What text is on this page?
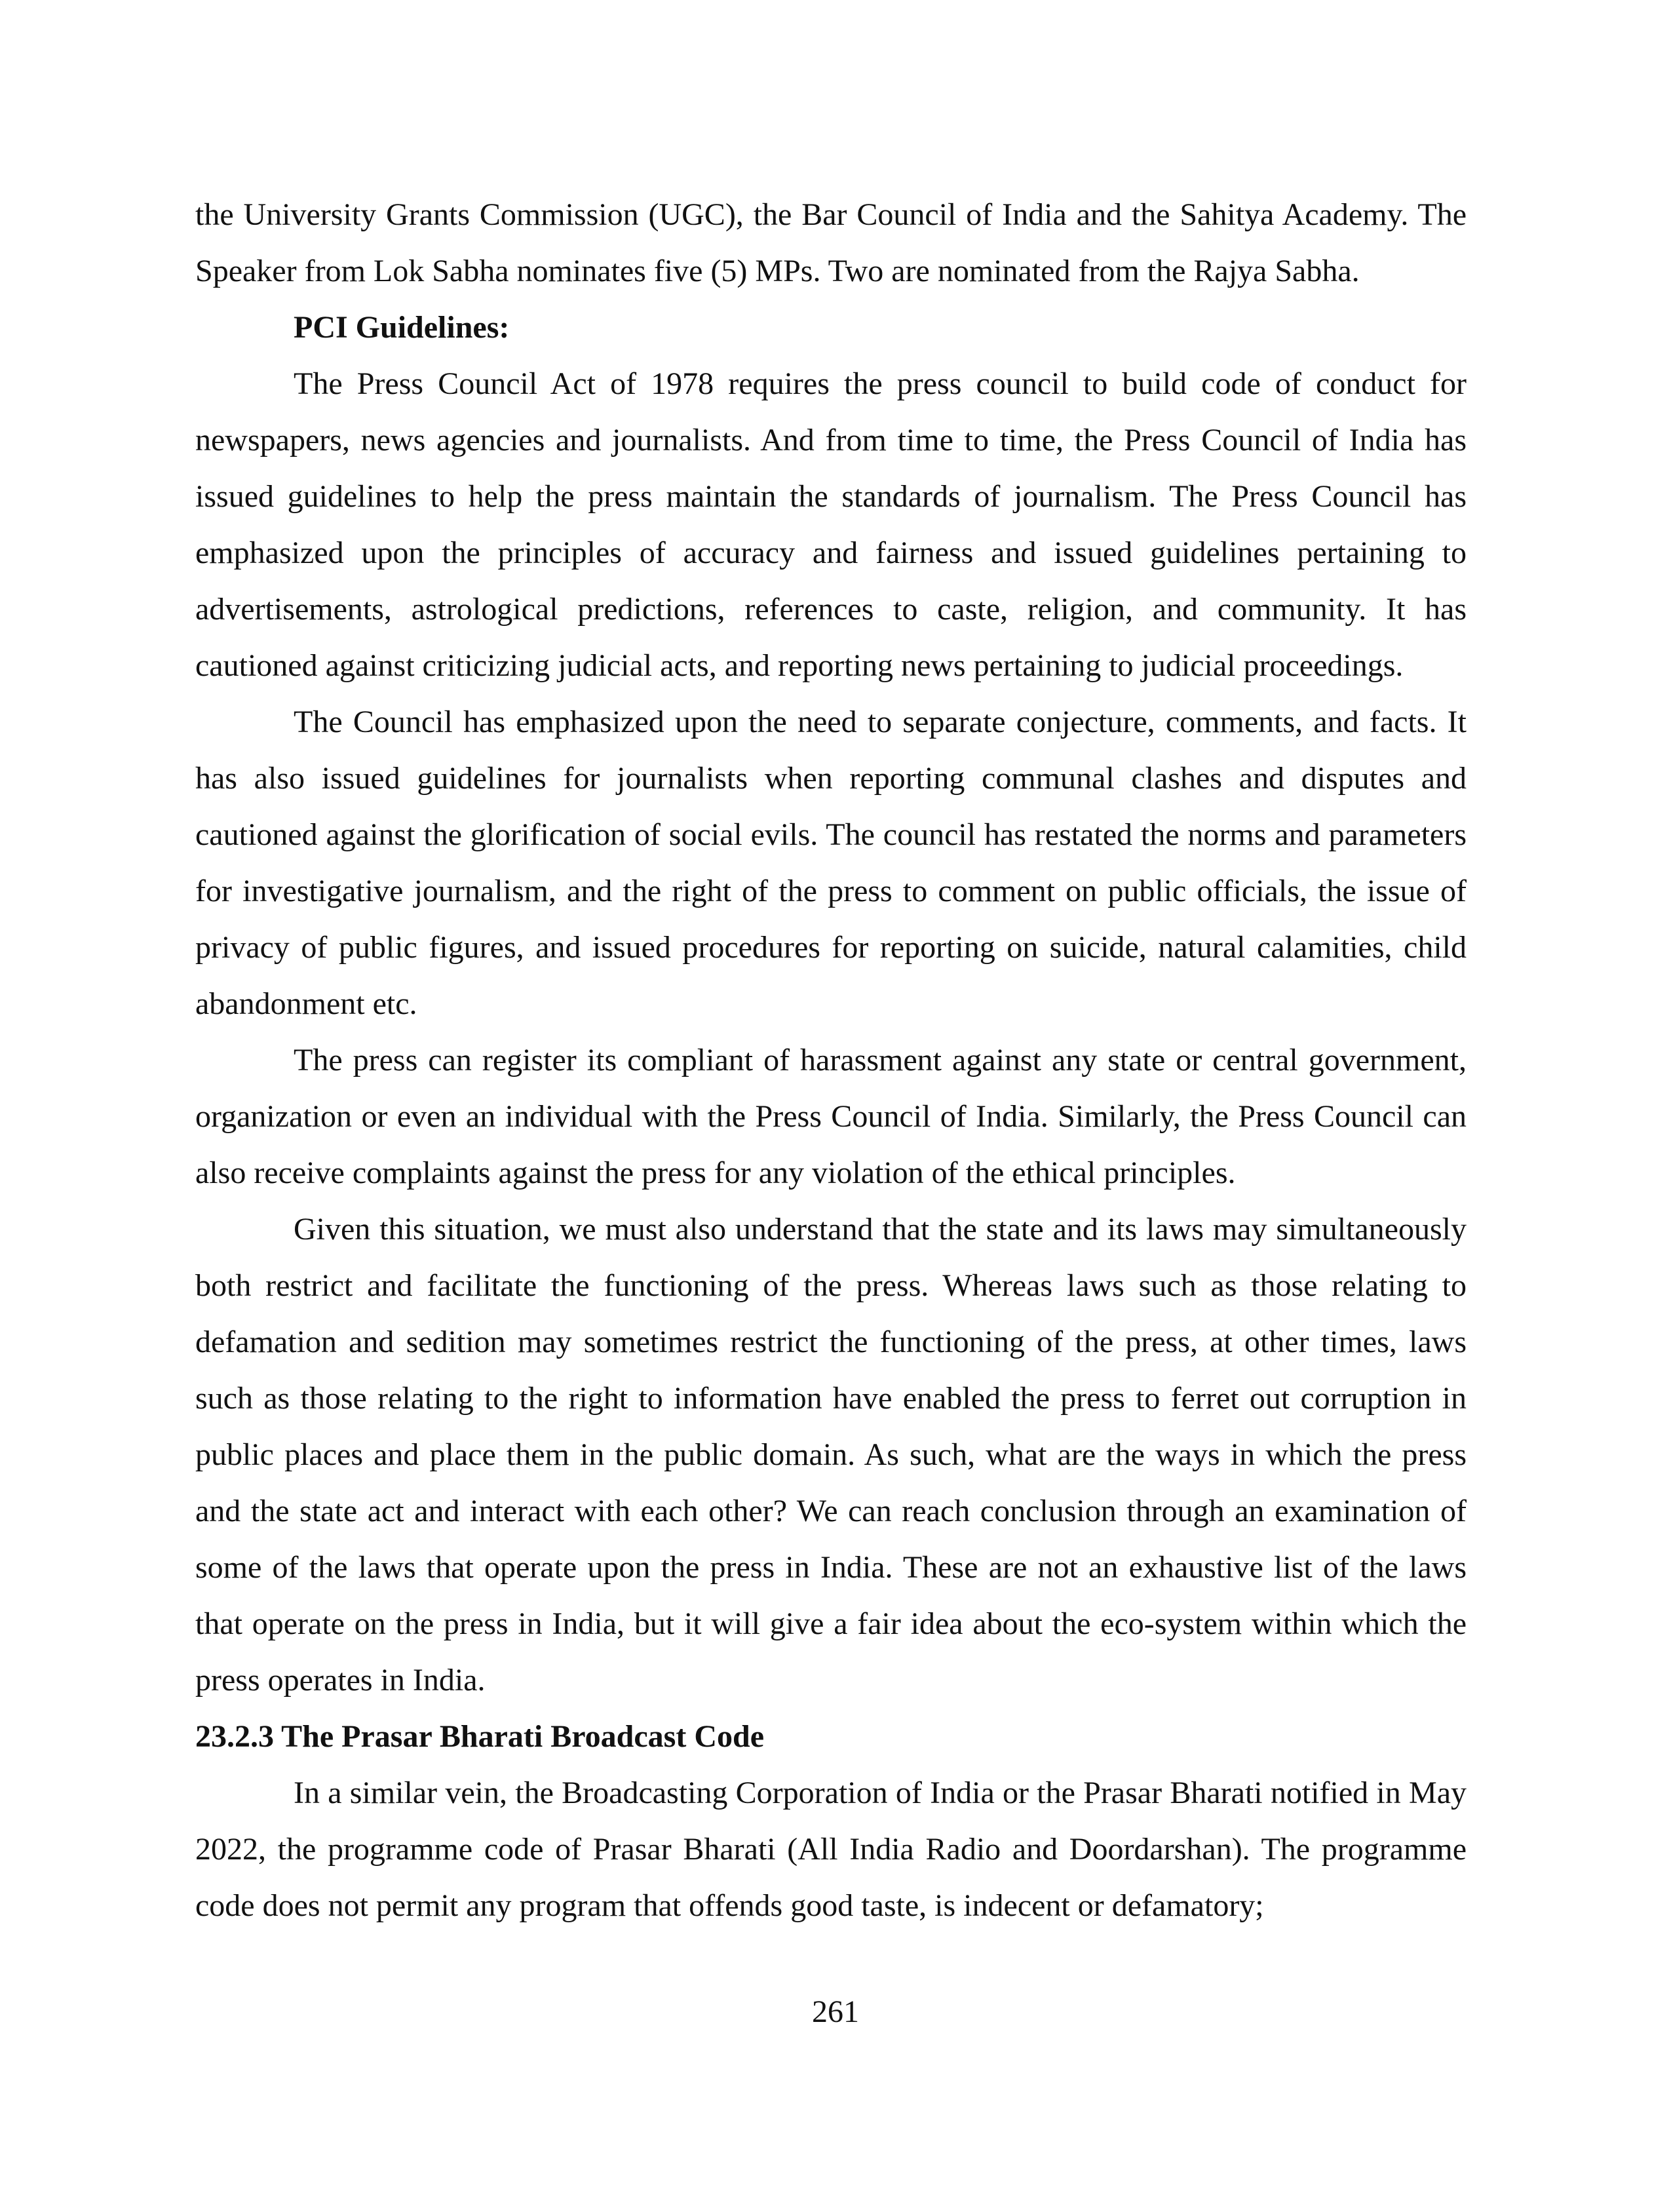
the University Grants Commission (UGC), the Bar Council of India and the Sahitya Academy. The Speaker from Lok Sabha nominates five (5) MPs. Two are nominated from the Rajya Sabha.

PCI Guidelines:

The Press Council Act of 1978 requires the press council to build code of conduct for newspapers, news agencies and journalists. And from time to time, the Press Council of India has issued guidelines to help the press maintain the standards of journalism. The Press Council has emphasized upon the principles of accuracy and fairness and issued guidelines pertaining to advertisements, astrological predictions, references to caste, religion, and community. It has cautioned against criticizing judicial acts, and reporting news pertaining to judicial proceedings.

The Council has emphasized upon the need to separate conjecture, comments, and facts. It has also issued guidelines for journalists when reporting communal clashes and disputes and cautioned against the glorification of social evils. The council has restated the norms and parameters for investigative journalism, and the right of the press to comment on public officials, the issue of privacy of public figures, and issued procedures for reporting on suicide, natural calamities, child abandonment etc.

The press can register its compliant of harassment against any state or central government, organization or even an individual with the Press Council of India. Similarly, the Press Council can also receive complaints against the press for any violation of the ethical principles.

Given this situation, we must also understand that the state and its laws may simultaneously both restrict and facilitate the functioning of the press. Whereas laws such as those relating to defamation and sedition may sometimes restrict the functioning of the press, at other times, laws such as those relating to the right to information have enabled the press to ferret out corruption in public places and place them in the public domain. As such, what are the ways in which the press and the state act and interact with each other? We can reach conclusion through an examination of some of the laws that operate upon the press in India. These are not an exhaustive list of the laws that operate on the press in India, but it will give a fair idea about the eco-system within which the press operates in India.

23.2.3 The Prasar Bharati Broadcast Code

In a similar vein, the Broadcasting Corporation of India or the Prasar Bharati notified in May 2022, the programme code of Prasar Bharati (All India Radio and Doordarshan). The programme code does not permit any program that offends good taste, is indecent or defamatory;

261
